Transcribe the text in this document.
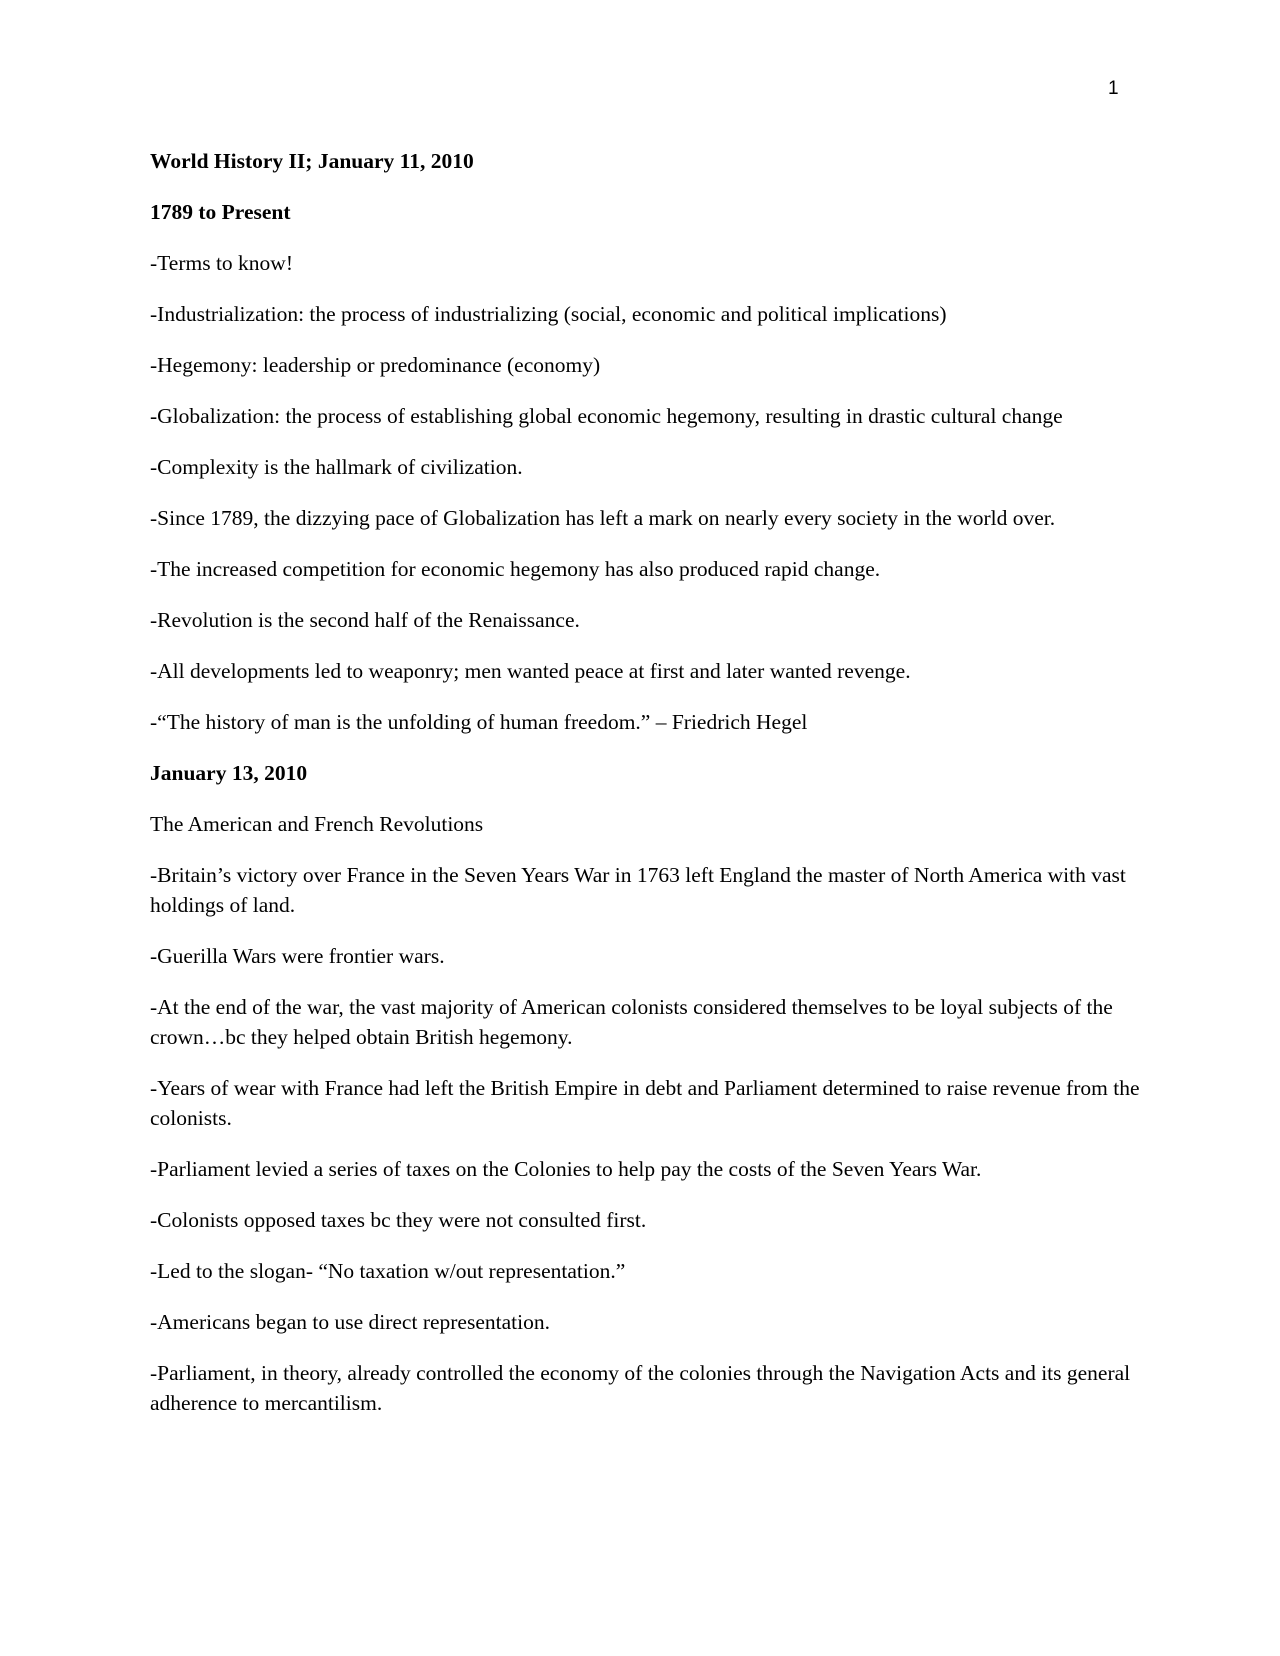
1

World History II; January 11, 2010

1789 to Present

-Terms to know!

-Industrialization: the process of industrializing (social, economic and political implications)

-Hegemony: leadership or predominance (economy)

-Globalization: the process of establishing global economic hegemony, resulting in drastic cultural change

-Complexity is the hallmark of civilization.

-Since 1789, the dizzying pace of Globalization has left a mark on nearly every society in the world over.

-The increased competition for economic hegemony has also produced rapid change.

-Revolution is the second half of the Renaissance.

-All developments led to weaponry; men wanted peace at first and later wanted revenge.

-“The history of man is the unfolding of human freedom.” – Friedrich Hegel

January 13, 2010

The American and French Revolutions

-Britain’s victory over France in the Seven Years War in 1763 left England the master of North America with vast holdings of land.

-Guerilla Wars were frontier wars.

-At the end of the war, the vast majority of American colonists considered themselves to be loyal subjects of the crown…bc they helped obtain British hegemony.

-Years of wear with France had left the British Empire in debt and Parliament determined to raise revenue from the colonists.

-Parliament levied a series of taxes on the Colonies to help pay the costs of the Seven Years War.

-Colonists opposed taxes bc they were not consulted first.

-Led to the slogan- “No taxation w/out representation.”

-Americans began to use direct representation.

-Parliament, in theory, already controlled the economy of the colonies through the Navigation Acts and its general adherence to mercantilism.
